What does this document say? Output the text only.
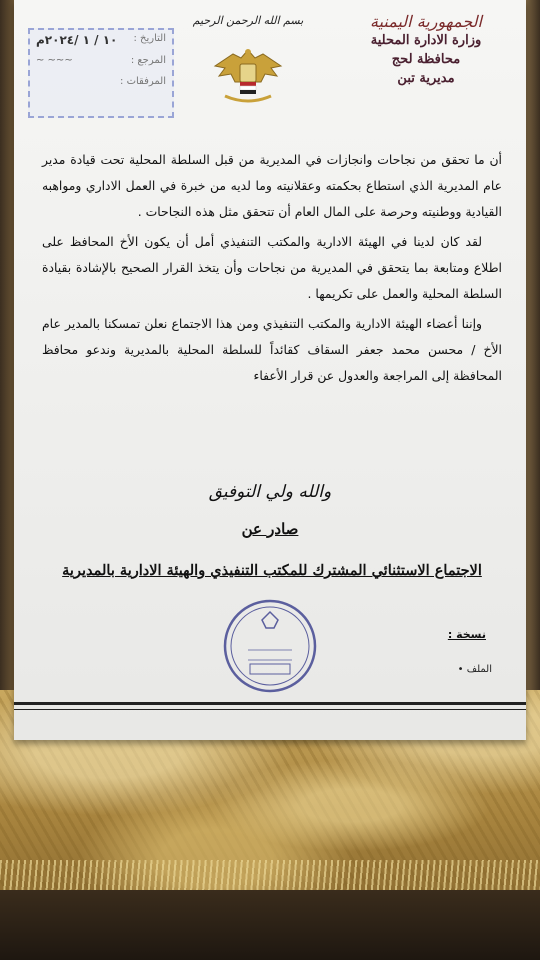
الجمهورية اليمنية
وزارة الادارة المحلية
محافظة لحج
مديرية تبن
بسم الله الرحمن الرحيم
التاريخ :
١٠ / ١ /٢٠٢٤م
المرجع :
~~~ ~
المرفقات :

أن ما تحقق من نجاحات وانجازات في المديرية من قبل السلطة المحلية تحت قيادة مدير عام المديرية الذي استطاع بحكمته وعقلانيته وما لديه من خبرة في العمل الاداري ومواهبه القيادية ووطنيته وحرصة على المال العام أن تتحقق مثل هذه النجاحات .

لقد كان لدينا في الهيئة الادارية والمكتب التنفيذي أمل أن يكون الأخ المحافظ على اطلاع ومتابعة بما يتحقق في المديرية من نجاحات وأن يتخذ القرار الصحيح بالإشادة بقيادة السلطة المحلية والعمل على تكريمها .

وإننا أعضاء الهيئة الادارية والمكتب التنفيذي ومن هذا الاجتماع نعلن تمسكنا بالمدير عام الأخ / محسن محمد جعفر السقاف كقائداً للسلطة المحلية بالمديرية وندعو محافظ المحافظة إلى المراجعة والعدول عن قرار الأعفاء

والله ولي التوفيق
صادر عن
الاجتماع الاستثنائي المشترك للمكتب التنفيذي والهيئة الادارية بالمديرية
نسخة :
الملف •
